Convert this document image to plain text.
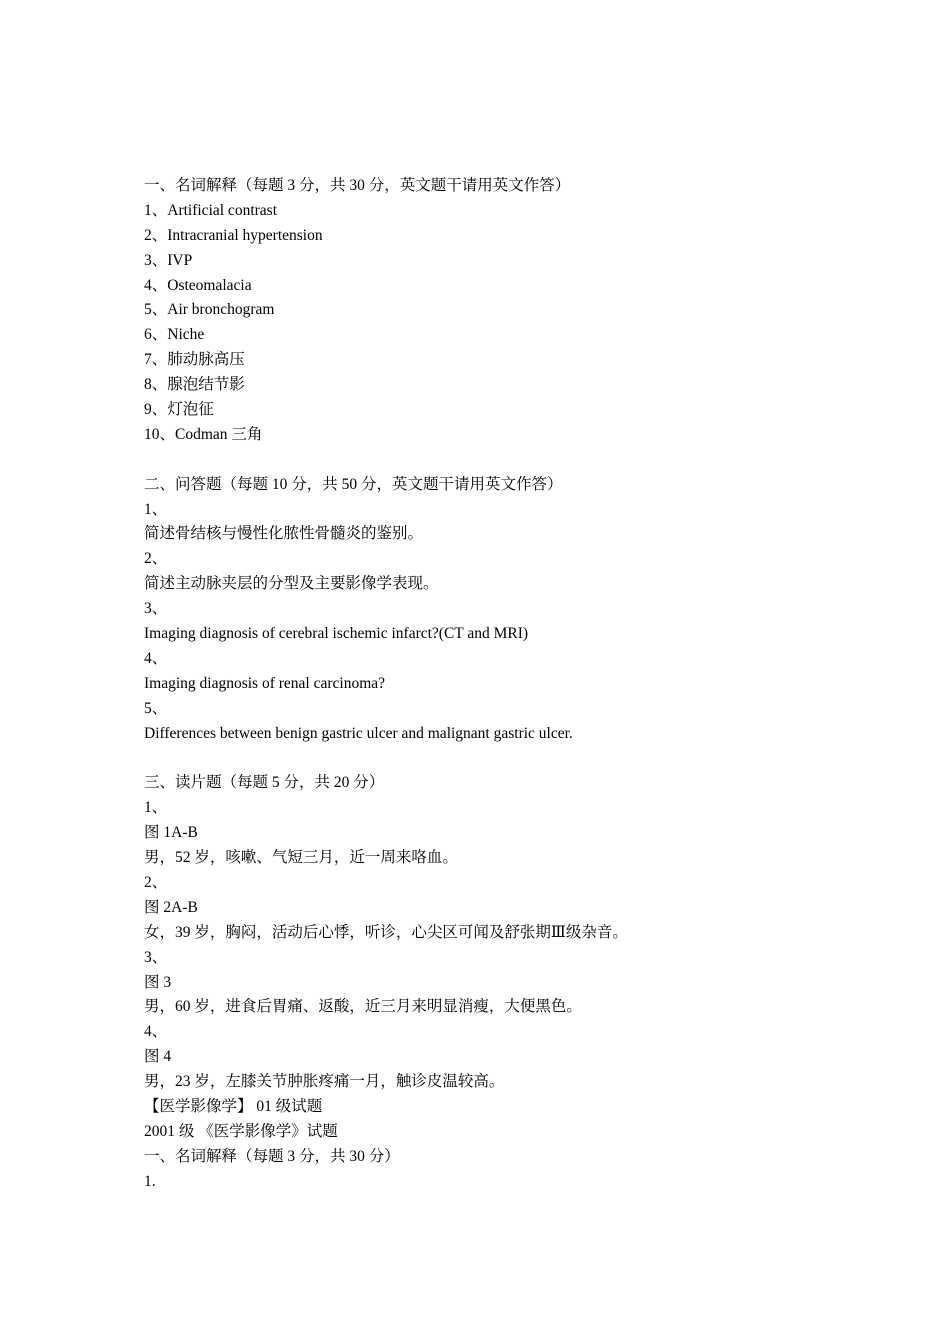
一、名词解释（每题 3 分，共 30 分，英文题干请用英文作答）
1、Artificial contrast
2、Intracranial hypertension
3、IVP
4、Osteomalacia
5、Air bronchogram
6、Niche
7、肺动脉高压
8、腺泡结节影
9、灯泡征
10、Codman 三角
二、问答题（每题 10 分，共 50 分，英文题干请用英文作答）
1、
简述骨结核与慢性化脓性骨髓炎的鉴别。
2、
简述主动脉夹层的分型及主要影像学表现。
3、
Imaging diagnosis of cerebral ischemic infarct?(CT and MRI)
4、
Imaging diagnosis of renal carcinoma?
5、
Differences between benign gastric ulcer and malignant gastric ulcer.
三、读片题（每题 5 分，共 20 分）
1、
图 1A-B
男，52 岁，咳嗽、气短三月，近一周来咯血。
2、
图 2A-B
女，39 岁，胸闷，活动后心悸，听诊，心尖区可闻及舒张期Ⅲ级杂音。
3、
图 3
男，60 岁，进食后胃痛、返酸，近三月来明显消瘦，大便黑色。
4、
图 4
男，23 岁，左膝关节肿胀疼痛一月，触诊皮温较高。
【医学影像学】 01 级试题
2001 级 《医学影像学》试题
一、名词解释（每题 3 分，共 30 分）
1.
